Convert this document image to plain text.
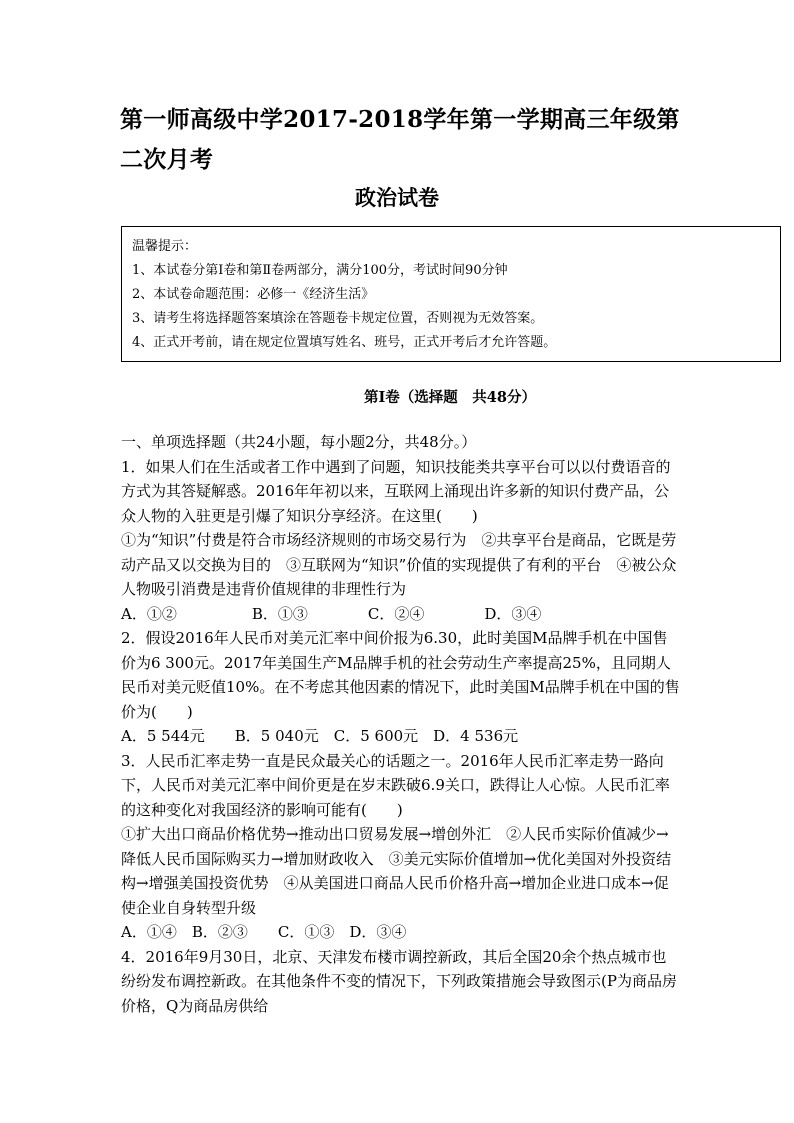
第一师高级中学2017-2018学年第一学期高三年级第二次月考
政治试卷
温馨提示：
1、本试卷分第Ⅰ卷和第Ⅱ卷两部分，满分100分，考试时间90分钟
2、本试卷命题范围：必修一《经济生活》
3、请考生将选择题答案填涂在答题卷卡规定位置，否则视为无效答案。
4、正式开考前，请在规定位置填写姓名、班号，正式开考后才允许答题。
第Ⅰ卷（选择题　共48分）

一、单项选择题（共24小题，每小题2分，共48分。）

1．如果人们在生活或者工作中遇到了问题，知识技能类共享平台可以以付费语音的方式为其答疑解惑。2016年年初以来，互联网上涌现出许多新的知识付费产品，公众人物的入驻更是引爆了知识分享经济。在这里(　　)

①为“知识”付费是符合市场经济规则的市场交易行为　②共享平台是商品，它既是劳动产品又以交换为目的　③互联网为“知识”价值的实现提供了有利的平台　④被公众人物吸引消费是违背价值规律的非理性行为

A．①②　　　　　B．①③　　　　C．②④　　　　D．③④

2．假设2016年人民币对美元汇率中间价报为6.30，此时美国M品牌手机在中国售价为6 300元。2017年美国生产M品牌手机的社会劳动生产率提高25%，且同期人民币对美元贬值10%。在不考虑其他因素的情况下，此时美国M品牌手机在中国的售价为(　　)

A．5 544元　　B．5 040元　C．5 600元　D．4 536元

3．人民币汇率走势一直是民众最关心的话题之一。2016年人民币汇率走势一路向下，人民币对美元汇率中间价更是在岁末跌破6.9关口，跌得让人心惊。人民币汇率的这种变化对我国经济的影响可能有(　　)

①扩大出口商品价格优势→推动出口贸易发展→增创外汇　②人民币实际价值减少→降低人民币国际购买力→增加财政收入　③美元实际价值增加→优化美国对外投资结构→增强美国投资优势　④从美国进口商品人民币价格升高→增加企业进口成本→促使企业自身转型升级

A．①④　B．②③　　C．①③　D．③④

4．2016年9月30日，北京、天津发布楼市调控新政，其后全国20余个热点城市也纷纷发布调控新政。在其他条件不变的情况下，下列政策措施会导致图示(P为商品房价格，Q为商品房供给
